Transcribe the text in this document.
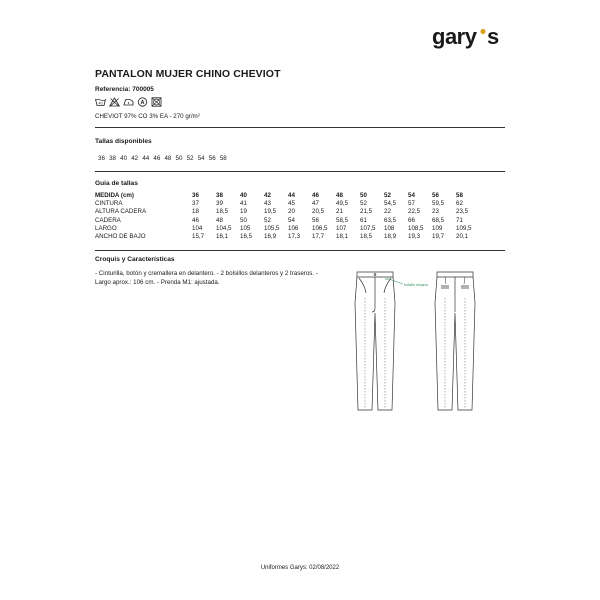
gary s
PANTALON MUJER CHINO CHEVIOT
Referencia: 700005
40	A
CHEVIOT 97% CO 3% EA - 270 gr/m²
Tallas disponibles
36 38 40 42 44 46 48 50 52 54 56 58
Guia de tallas
MEDIDA (cm)	36	38	40	42	44	46	48	50	52	54	56	58
CINTURA	37	39	41	43	45	47	49,5	52	54,5	57	59,5	62
ALTURA CADERA	18	18,5	19	19,5	20	20,5	21	21,5	22	22,5	23	23,5
CADERA	46	48	50	52	54	56	58,5	61	63,5	66	68,5	71
LARGO	104	104,5	105	105,5	106	106,5	107	107,5	108	108,5	109	109,5
ANCHO DE BAJO	15,7	16,1	16,5	16,9	17,3	17,7	18,1	18,5	18,9	19,3	19,7	20,1
Croquis y Características
- Cinturilla, botón y cremallera en delantero. - 2 bolsillos delanteros y 2 traseros. - Largo aprox.: 106 cm. - Prenda M1: ajustada.	bolsillo relojero
Uniformes Garys: 02/08/2022
